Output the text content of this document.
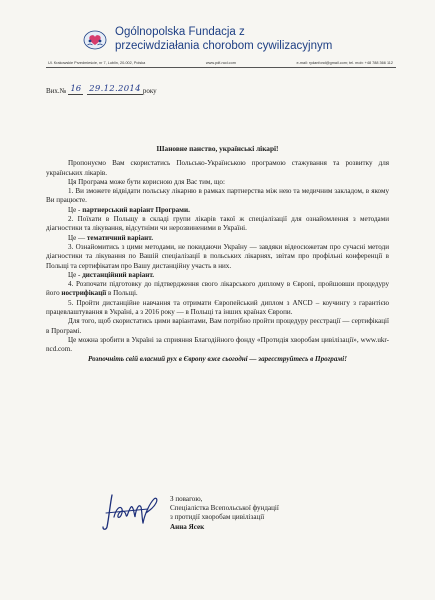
Ogólnopolska Fundacja z
przeciwdziałania chorobom cywilizacyjnym
Ul. Krakowskie Przedmieście, nr 7, Lublin, 20-002, Polska	www.pdf-ncd.com	e-mail: rydanfond@gmail.com; tel. mob: +48 788 366 112
Вих.№ 16 29.12.2014 року
Шановне панство, українські лікарі!

Пропонуємо Вам скористатись Польсько-Українською програмою стажування та розвитку для українських лікарів.

Ця Програма може бути корисною для Вас тим, що:

1. Ви зможете відвідати польську лікарню в рамках партнерства між нею та медичним закладом, в якому Ви працюєте.

Це - партнерський варіант Програми.

2. Поїхати в Польщу в складі групи лікарів такої ж спеціалізації для ознайомлення з методами діагностики та лікування, відсутніми чи нерозвиненими в Україні.

Це — тематичний варіант.

3. Ознайомитись з цими методами, не покидаючи Україну — завдяки відеосюжетам про сучасні методи діагностики та лікування по Вашій спеціалізації в польських лікарнях, звітам про профільні конференції в Польщі та сертифікатам про Вашу дистанційну участь в них.

Це - дистанційний варіант.

4. Розпочати підготовку до підтвердження свого лікарського диплому в Європі, пройшовши процедуру його нострифікації в Польщі.

5. Пройти дистанційне навчання та отримати Європейський диплом з ANCD – коучингу з гарантією працевлаштування в Україні, а з 2016 року — в Польщі та інших країнах Європи.

Для того, щоб скористатись цими варіантами, Вам потрібно пройти процедуру реєстрації — сертифікації в Програмі.

Це можна зробити в Україні за сприяння Благодійного фонду «Протидія хворобам цивілізації», www.ukr-ncd.com.

Розпочніть свій власний рух в Європу вже сьогодні — зареєструйтесь в Програмі!

З повагою,
Спеціалістка Всепольської фундації
з протидії хворобам цивілізації
Анна Ясек
